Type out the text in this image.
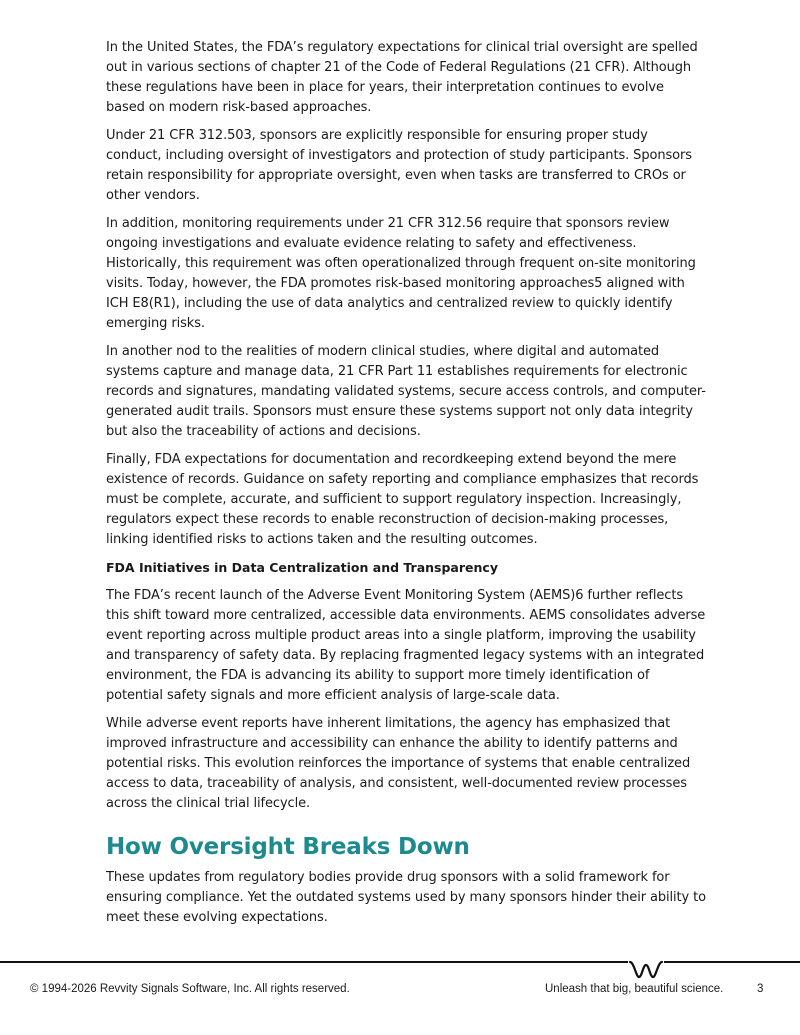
In the United States, the FDA’s regulatory expectations for clinical trial oversight are spelled out in various sections of chapter 21 of the Code of Federal Regulations (21 CFR). Although these regulations have been in place for years, their interpretation continues to evolve based on modern risk-based approaches.

Under 21 CFR 312.503, sponsors are explicitly responsible for ensuring proper study conduct, including oversight of investigators and protection of study participants. Sponsors retain responsibility for appropriate oversight, even when tasks are transferred to CROs or other vendors.

In addition, monitoring requirements under 21 CFR 312.56 require that sponsors review ongoing investigations and evaluate evidence relating to safety and effectiveness. Historically, this requirement was often operationalized through frequent on-site monitoring visits. Today, however, the FDA promotes risk-based monitoring approaches5 aligned with ICH E8(R1), including the use of data analytics and centralized review to quickly identify emerging risks.

In another nod to the realities of modern clinical studies, where digital and automated systems capture and manage data, 21 CFR Part 11 establishes requirements for electronic records and signatures, mandating validated systems, secure access controls, and computer-generated audit trails. Sponsors must ensure these systems support not only data integrity but also the traceability of actions and decisions.

Finally, FDA expectations for documentation and recordkeeping extend beyond the mere existence of records. Guidance on safety reporting and compliance emphasizes that records must be complete, accurate, and sufficient to support regulatory inspection. Increasingly, regulators expect these records to enable reconstruction of decision-making processes, linking identified risks to actions taken and the resulting outcomes.

FDA Initiatives in Data Centralization and Transparency

The FDA’s recent launch of the Adverse Event Monitoring System (AEMS)6 further reflects this shift toward more centralized, accessible data environments. AEMS consolidates adverse event reporting across multiple product areas into a single platform, improving the usability and transparency of safety data. By replacing fragmented legacy systems with an integrated environment, the FDA is advancing its ability to support more timely identification of potential safety signals and more efficient analysis of large-scale data.

While adverse event reports have inherent limitations, the agency has emphasized that improved infrastructure and accessibility can enhance the ability to identify patterns and potential risks. This evolution reinforces the importance of systems that enable centralized access to data, traceability of analysis, and consistent, well-documented review processes across the clinical trial lifecycle.

How Oversight Breaks Down

These updates from regulatory bodies provide drug sponsors with a solid framework for ensuring compliance. Yet the outdated systems used by many sponsors hinder their ability to meet these evolving expectations.

© 1994-2026 Revvity Signals Software, Inc. All rights reserved.	Unleash that big, beautiful science.	3
